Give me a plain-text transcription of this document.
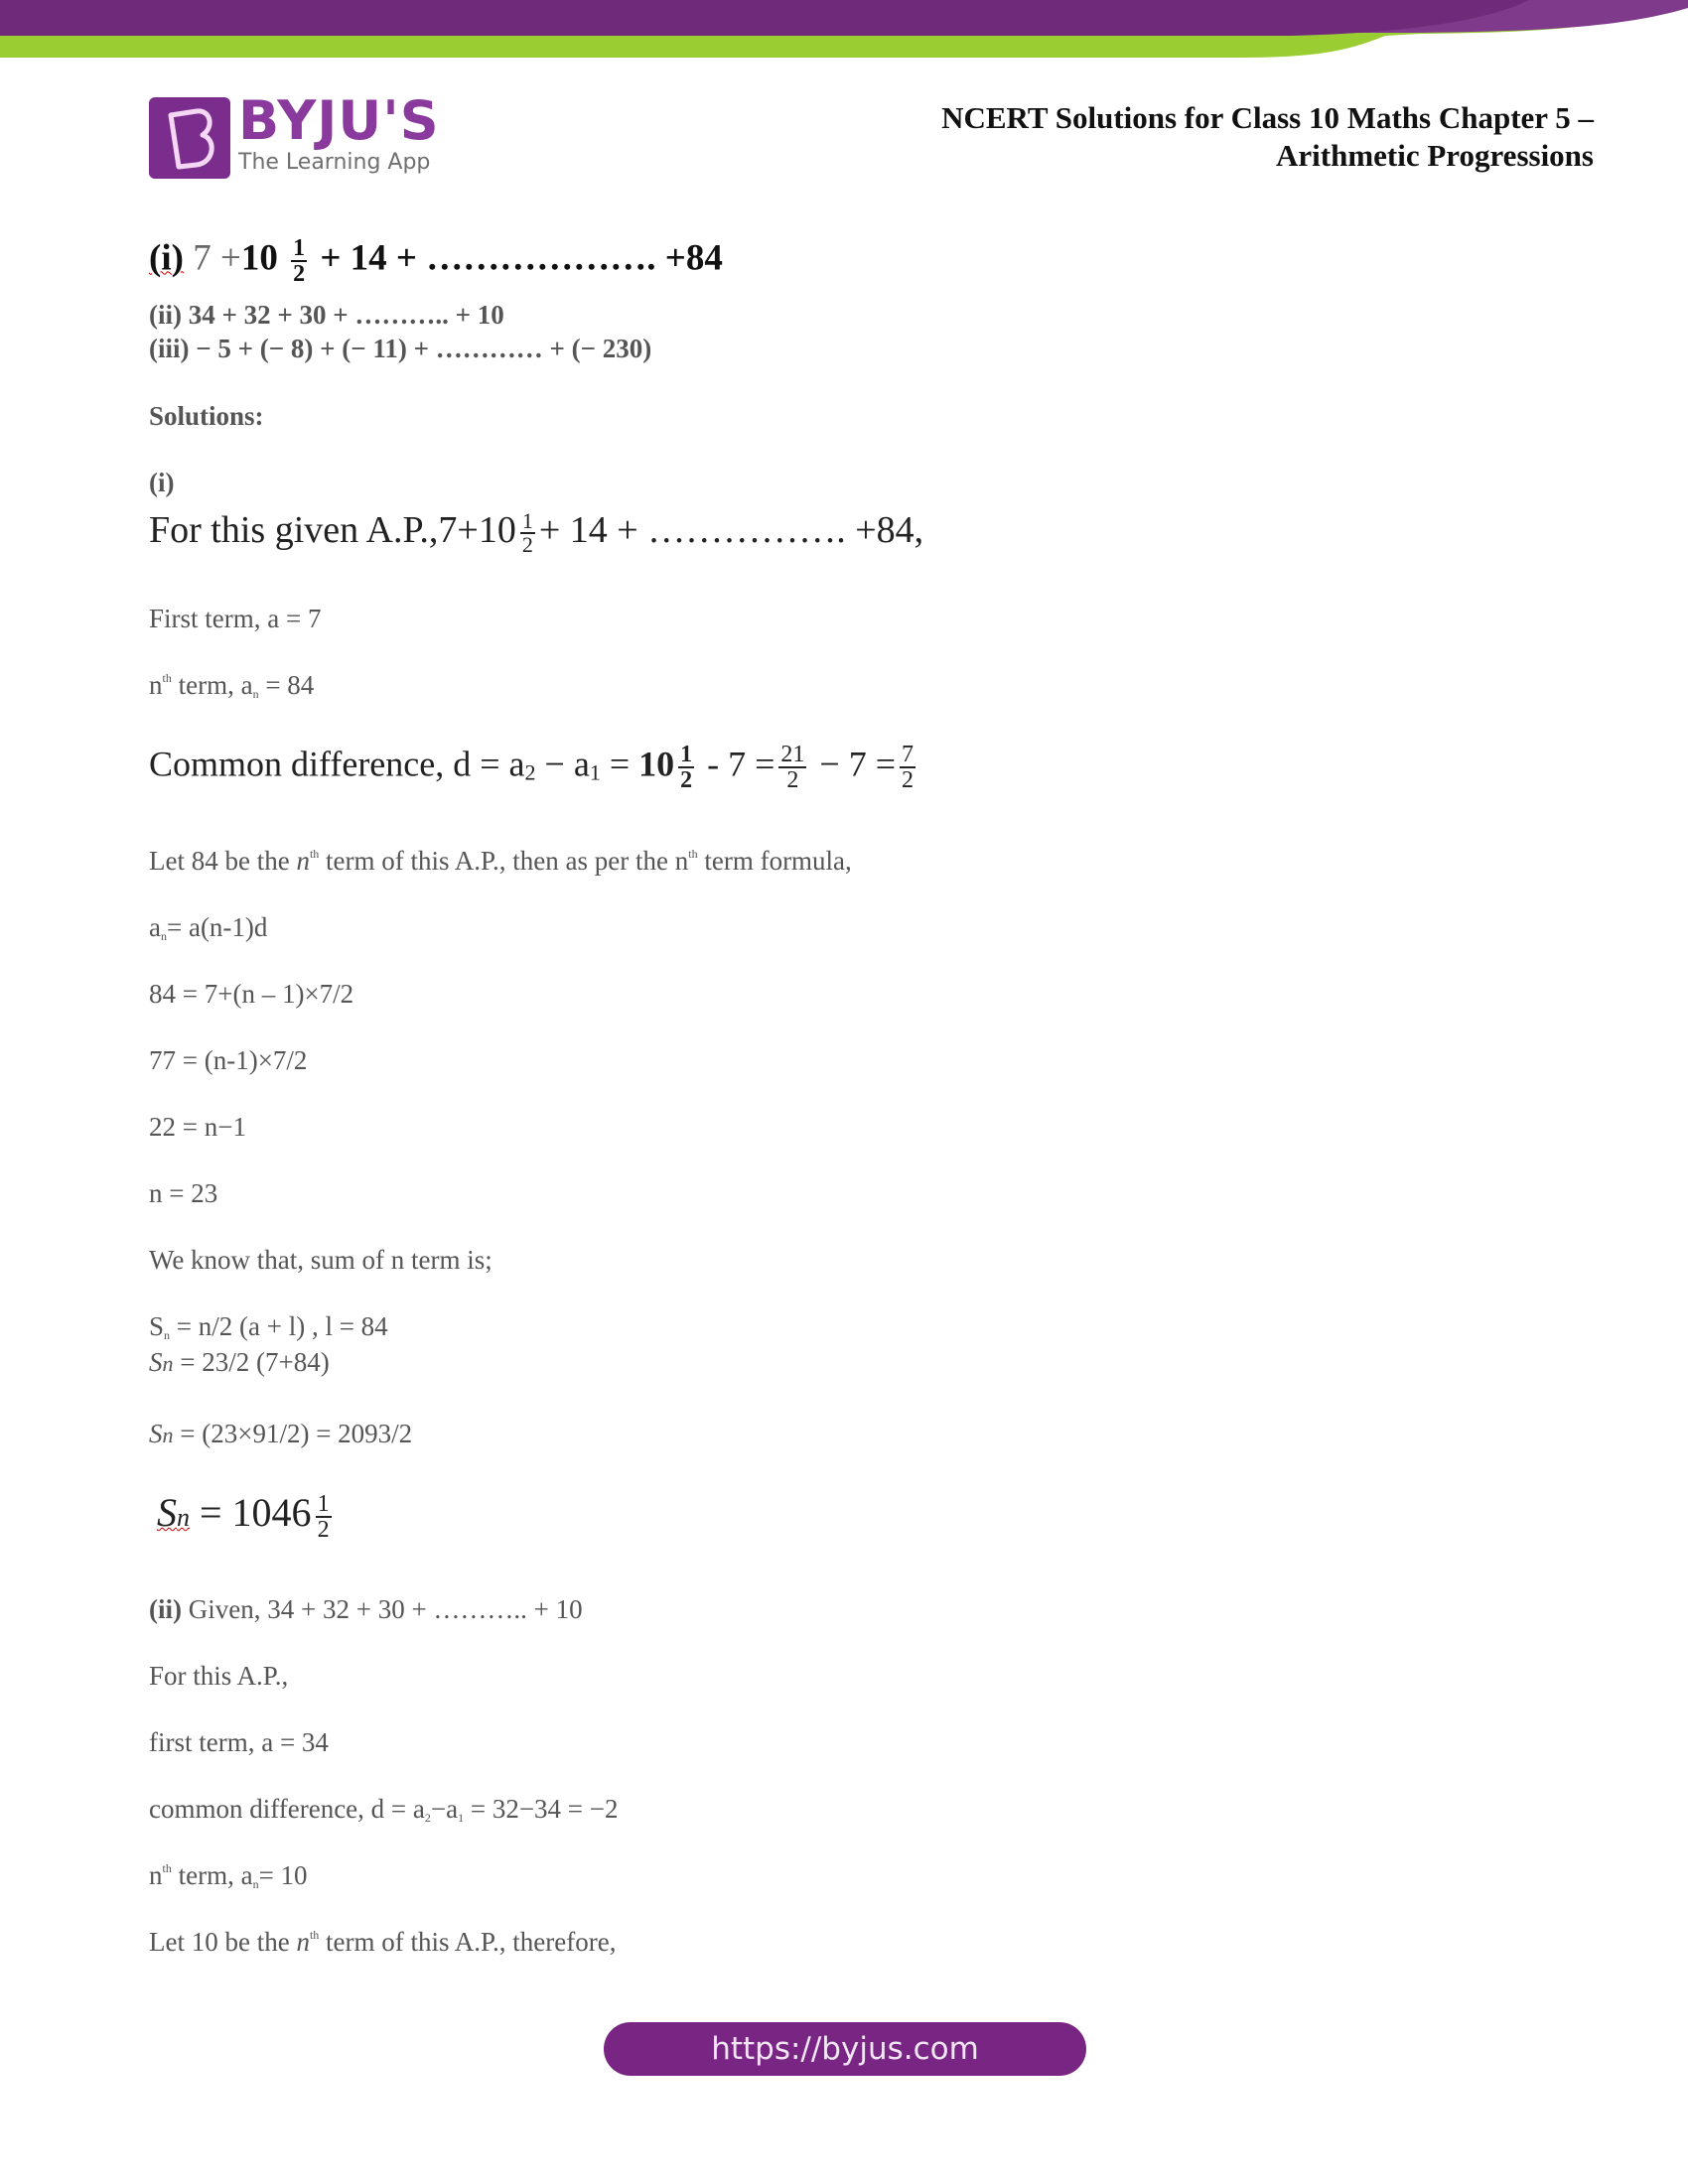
BYJU'S
The Learning App
NCERT Solutions for Class 10 Maths Chapter 5 –
Arithmetic Progressions
(i) $7 +10 \frac{1}{2} + 14$ + ………………. +84
(ii) 34 + 32 + 30 + ……….. + 10
(iii) − 5 + (− 8) + (− 11) + ………… + (− 230)
Solutions:
(i)
For this given $A.P.,7+10 \frac{1}{2} + 14$ + ……………. +84,
First term, a = 7
$n^{th}$ term, $a_n = 84$
Common difference, $d = a2 - a1 = 10 \frac{1}{2} - 7 = \frac{21}{2} - 7 = \frac{7}{2}$
Let 84 be the $n^{th}$ term of this A.P., then as per the $n^{th}$ term formula,
$a_n= a(n-1)d$
84 = 7+(n – 1)×7/2
77 = (n-1)×7/2
22 = n−1
n = 23
We know that, sum of n term is;
$S_n = n/2$ (a + l) , l = 84
Sn = 23/2 (7+84)
Sn = (23×91/2) = 2093/2
$Sn = 1046 \frac{1}{2}$
(ii) Given, 34 + 32 + 30 + ……….. + 10
For this A.P.,
first term, a = 34
common difference, $d = a_2-a_1 = 32-34 = -2$
$n^{th}$ term, $a_n= 10$
Let 10 be the $n^{th}$ term of this A.P., therefore,
https://byjus.com
